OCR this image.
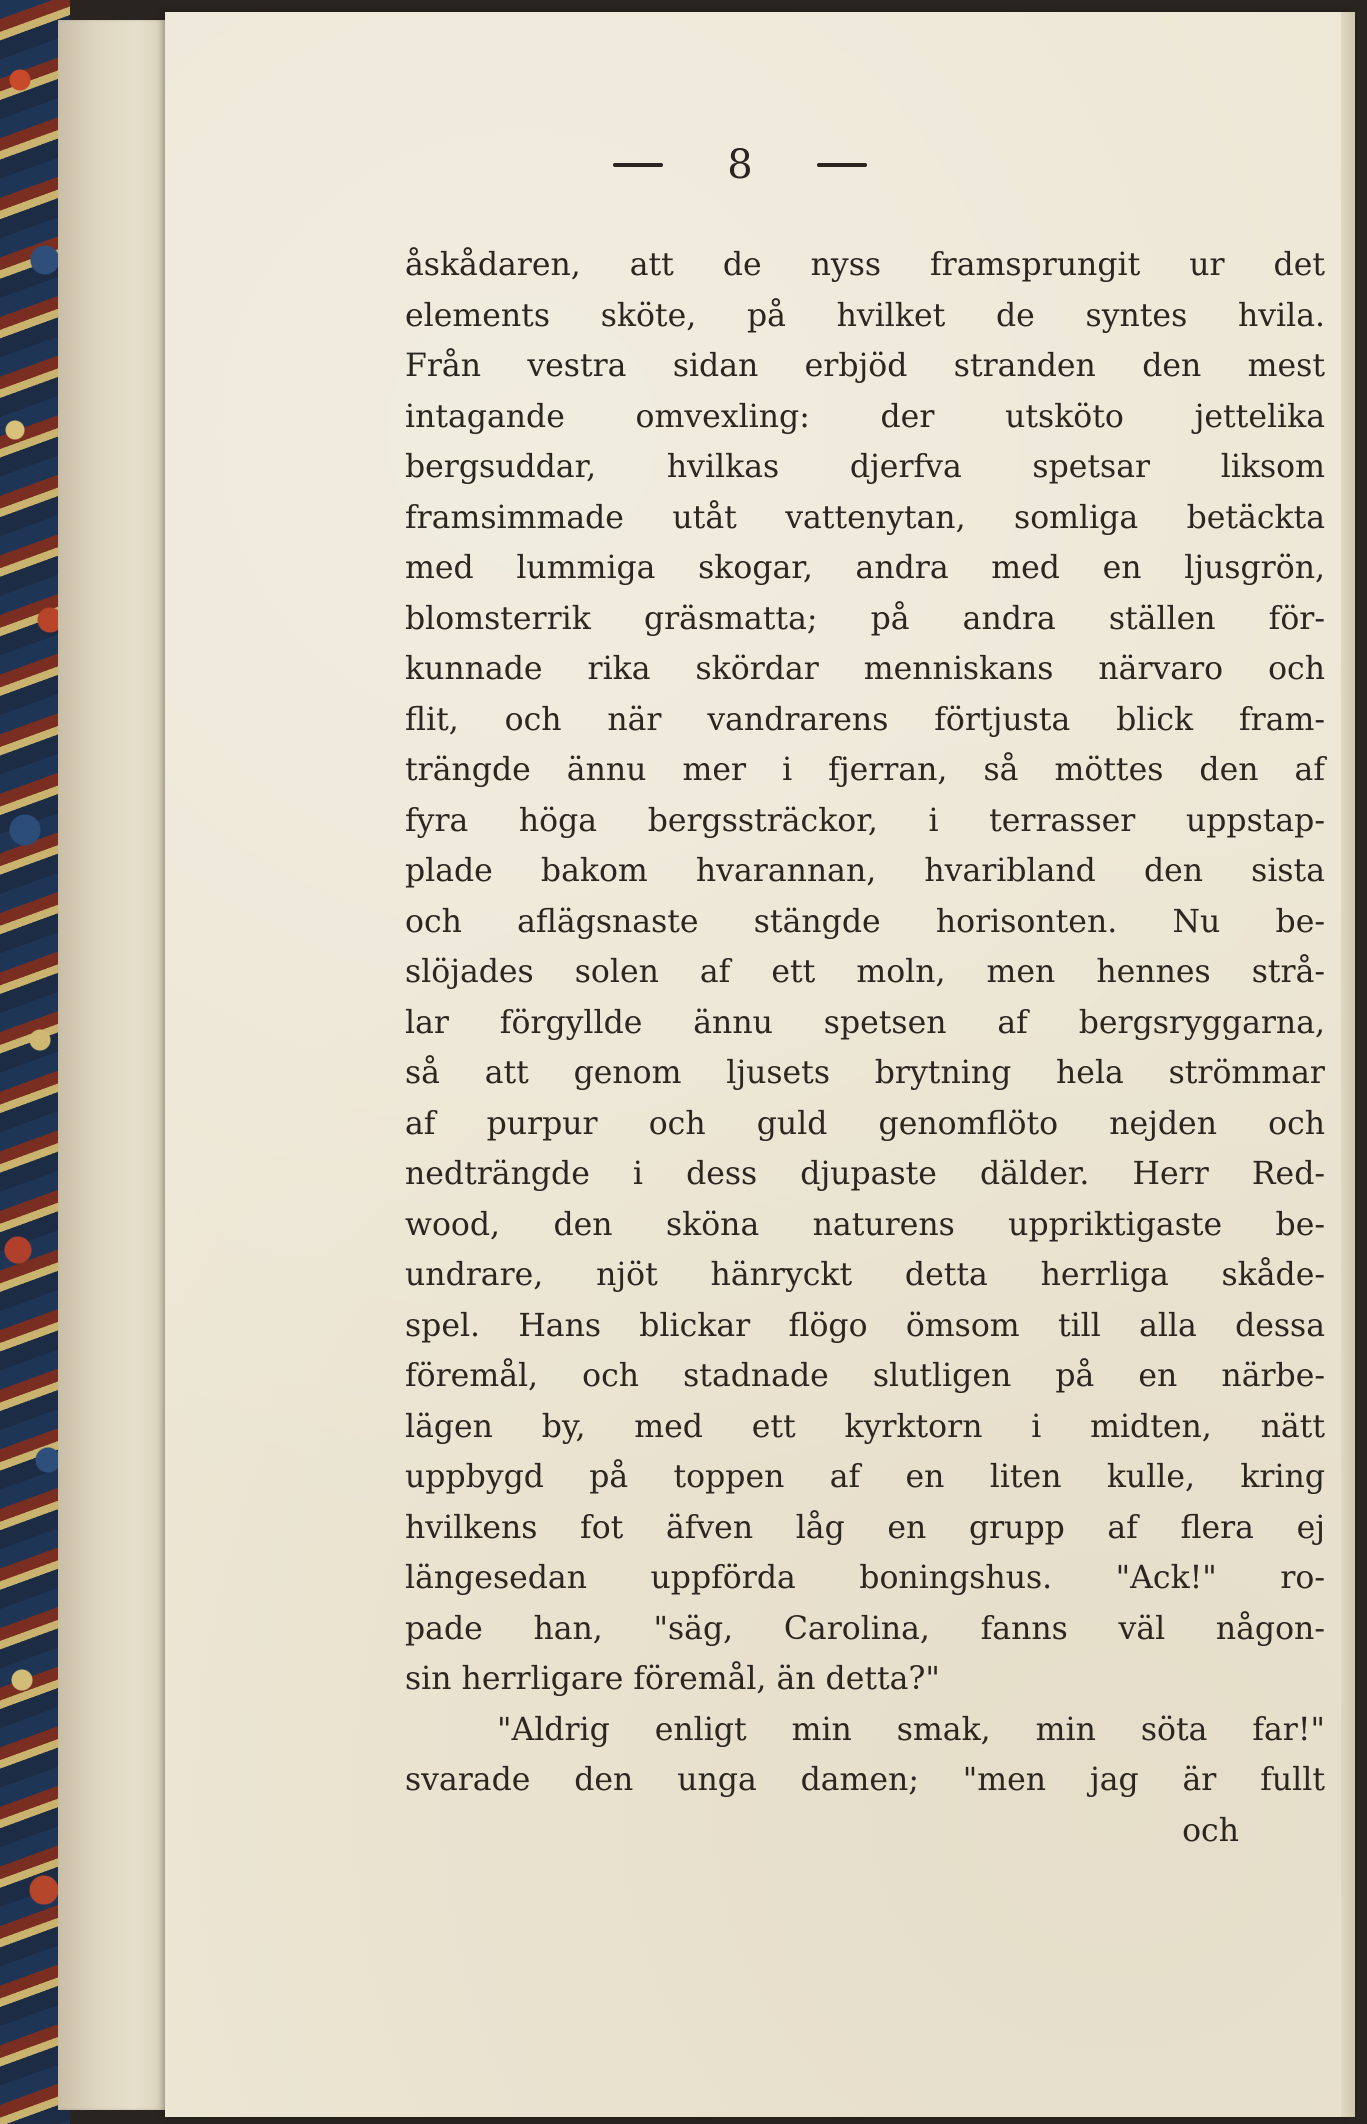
8
åskådaren, att de nyss framsprungit ur det
elements sköte, på hvilket de syntes hvila.
Från vestra sidan erbjöd stranden den mest
intagande omvexling: der utsköto jettelika
bergsuddar, hvilkas djerfva spetsar liksom
framsimmade utåt vattenytan, somliga betäckta
med lummiga skogar, andra med en ljusgrön,
blomsterrik gräsmatta; på andra ställen för-
kunnade rika skördar menniskans närvaro och
flit, och när vandrarens förtjusta blick fram-
trängde ännu mer i fjerran, så möttes den af
fyra höga bergssträckor, i terrasser uppstap-
plade bakom hvarannan, hvaribland den sista
och aflägsnaste stängde horisonten. Nu be-
slöjades solen af ett moln, men hennes strå-
lar förgyllde ännu spetsen af bergsryggarna,
så att genom ljusets brytning hela strömmar
af purpur och guld genomflöto nejden och
nedträngde i dess djupaste dälder. Herr Red-
wood, den sköna naturens uppriktigaste be-
undrare, njöt hänryckt detta herrliga skåde-
spel. Hans blickar flögo ömsom till alla dessa
föremål, och stadnade slutligen på en närbe-
lägen by, med ett kyrktorn i midten, nätt
uppbygd på toppen af en liten kulle, kring
hvilkens fot äfven låg en grupp af flera ej
längesedan uppförda boningshus. "Ack!" ro-
pade han, "säg, Carolina, fanns väl någon-
sin herrligare föremål, än detta?"
"Aldrig enligt min smak, min söta far!"
svarade den unga damen; "men jag är fullt
och
